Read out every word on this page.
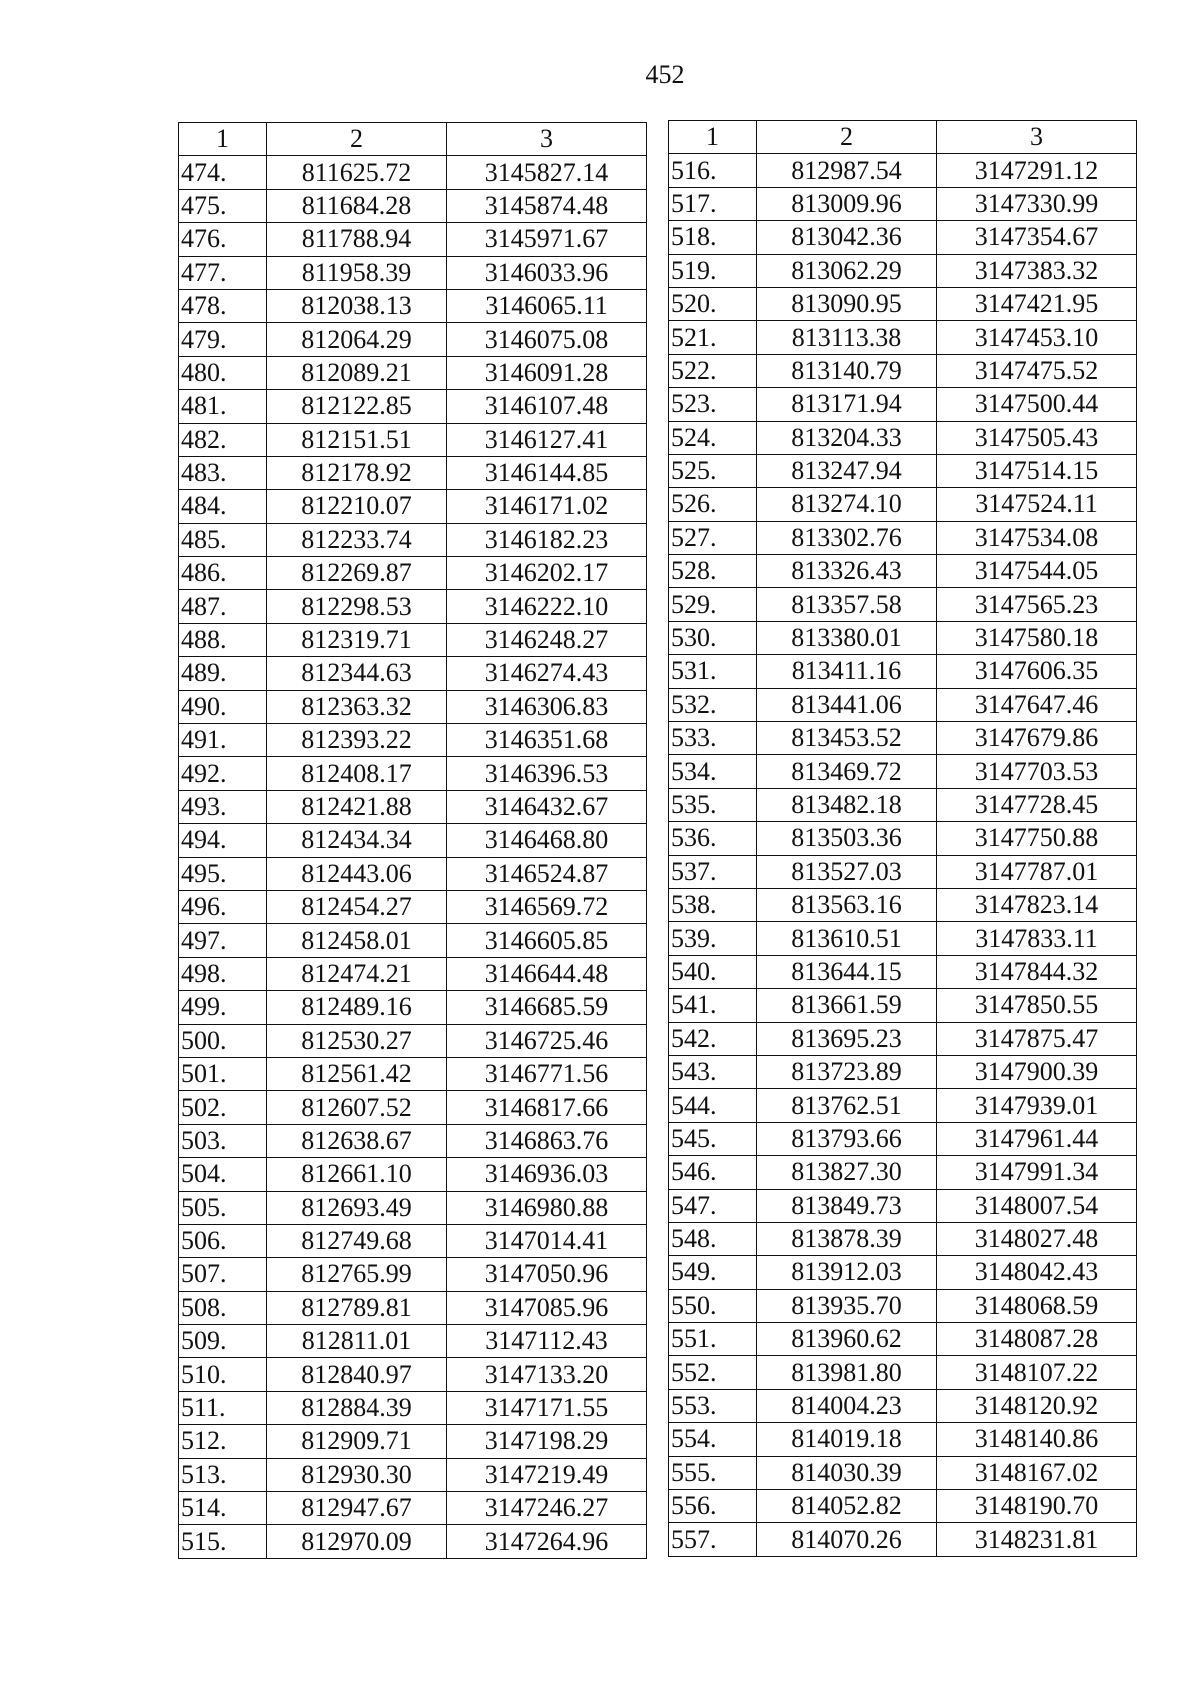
452
1	2	3
474.	811625.72	3145827.14
475.	811684.28	3145874.48
476.	811788.94	3145971.67
477.	811958.39	3146033.96
478.	812038.13	3146065.11
479.	812064.29	3146075.08
480.	812089.21	3146091.28
481.	812122.85	3146107.48
482.	812151.51	3146127.41
483.	812178.92	3146144.85
484.	812210.07	3146171.02
485.	812233.74	3146182.23
486.	812269.87	3146202.17
487.	812298.53	3146222.10
488.	812319.71	3146248.27
489.	812344.63	3146274.43
490.	812363.32	3146306.83
491.	812393.22	3146351.68
492.	812408.17	3146396.53
493.	812421.88	3146432.67
494.	812434.34	3146468.80
495.	812443.06	3146524.87
496.	812454.27	3146569.72
497.	812458.01	3146605.85
498.	812474.21	3146644.48
499.	812489.16	3146685.59
500.	812530.27	3146725.46
501.	812561.42	3146771.56
502.	812607.52	3146817.66
503.	812638.67	3146863.76
504.	812661.10	3146936.03
505.	812693.49	3146980.88
506.	812749.68	3147014.41
507.	812765.99	3147050.96
508.	812789.81	3147085.96
509.	812811.01	3147112.43
510.	812840.97	3147133.20
511.	812884.39	3147171.55
512.	812909.71	3147198.29
513.	812930.30	3147219.49
514.	812947.67	3147246.27
515.	812970.09	3147264.96
1	2	3
516.	812987.54	3147291.12
517.	813009.96	3147330.99
518.	813042.36	3147354.67
519.	813062.29	3147383.32
520.	813090.95	3147421.95
521.	813113.38	3147453.10
522.	813140.79	3147475.52
523.	813171.94	3147500.44
524.	813204.33	3147505.43
525.	813247.94	3147514.15
526.	813274.10	3147524.11
527.	813302.76	3147534.08
528.	813326.43	3147544.05
529.	813357.58	3147565.23
530.	813380.01	3147580.18
531.	813411.16	3147606.35
532.	813441.06	3147647.46
533.	813453.52	3147679.86
534.	813469.72	3147703.53
535.	813482.18	3147728.45
536.	813503.36	3147750.88
537.	813527.03	3147787.01
538.	813563.16	3147823.14
539.	813610.51	3147833.11
540.	813644.15	3147844.32
541.	813661.59	3147850.55
542.	813695.23	3147875.47
543.	813723.89	3147900.39
544.	813762.51	3147939.01
545.	813793.66	3147961.44
546.	813827.30	3147991.34
547.	813849.73	3148007.54
548.	813878.39	3148027.48
549.	813912.03	3148042.43
550.	813935.70	3148068.59
551.	813960.62	3148087.28
552.	813981.80	3148107.22
553.	814004.23	3148120.92
554.	814019.18	3148140.86
555.	814030.39	3148167.02
556.	814052.82	3148190.70
557.	814070.26	3148231.81
